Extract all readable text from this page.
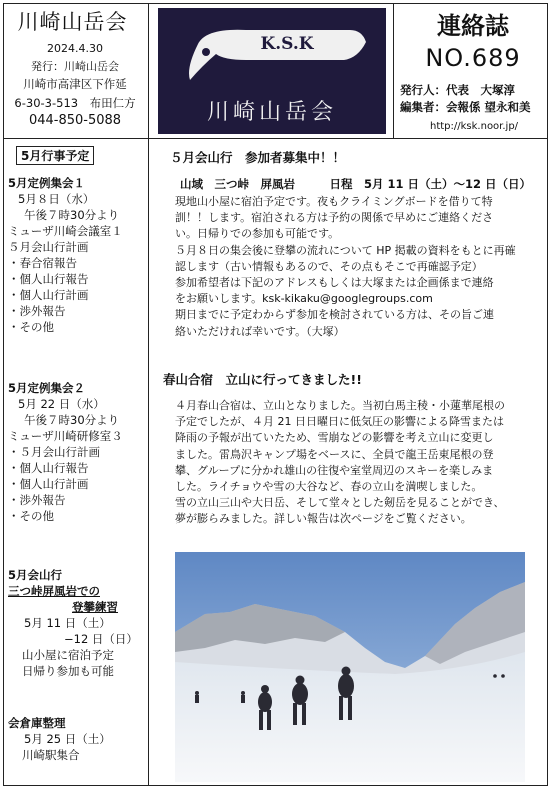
川崎山岳会
2024.4.30
発行：川崎山岳会
川崎市高津区下作延
6-30-3-513　布田仁方
044-850-5088
K.S.K
川崎山岳会
連絡誌
NO.689
発行人：代表　大塚淳
編集者：会報係 望永和美
http://ksk.noor.jp/
5月行事予定
5月定例集会１
5月８日（水）
午後７時30分より
ミューザ川崎会議室１
５月会山行計画
・春合宿報告
・個人山行報告
・個人山行計画
・渉外報告
・その他
5月定例集会２
5月 22 日（水）
午後７時30分より
ミューザ川崎研修室３
・５月会山行計画
・個人山行報告
・個人山行計画
・渉外報告
・その他
5月会山行
三つ峠屏風岩での
登攀練習
5月 11 日（土）
−12 日（日）
山小屋に宿泊予定
日帰り参加も可能
会倉庫整理
5月 25 日（土）
川崎駅集合
５月会山行　参加者募集中！！
山域　三つ峠　屏風岩　　　日程　5月 11 日（土）〜12 日（日）
現地山小屋に宿泊予定です。夜もクライミングボードを借りて特
訓！！します。宿泊される方は予約の関係で早めにご連絡くださ
い。日帰りでの参加も可能です。
５月８日の集会後に登攀の流れについて HP 掲載の資料をもとに再確
認します（古い情報もあるので、その点もそこで再確認予定）
参加希望者は下記のアドレスもしくは大塚または企画係まで連絡
をお願いします。ksk-kikaku@googlegroups.com
期日までに予定わからず参加を検討されている方は、その旨ご連
絡いただければ幸いです。（大塚）
春山合宿　立山に行ってきました!!
４月春山合宿は、立山となりました。当初白馬主稜・小蓮華尾根の
予定でしたが、４月 21 日日曜日に低気圧の影響による降雪または
降雨の予報が出ていたため、雪崩などの影響を考え立山に変更し
ました。雷鳥沢キャンプ場をベースに、全員で龍王岳東尾根の登
攀、グループに分かれ雄山の往復や室堂周辺のスキーを楽しみま
した。ライチョウや雪の大谷など、春の立山を満喫しました。
雪の立山三山や大日岳、そして堂々とした剱岳を見ることができ、
夢が膨らみました。詳しい報告は次ページをご覧ください。
